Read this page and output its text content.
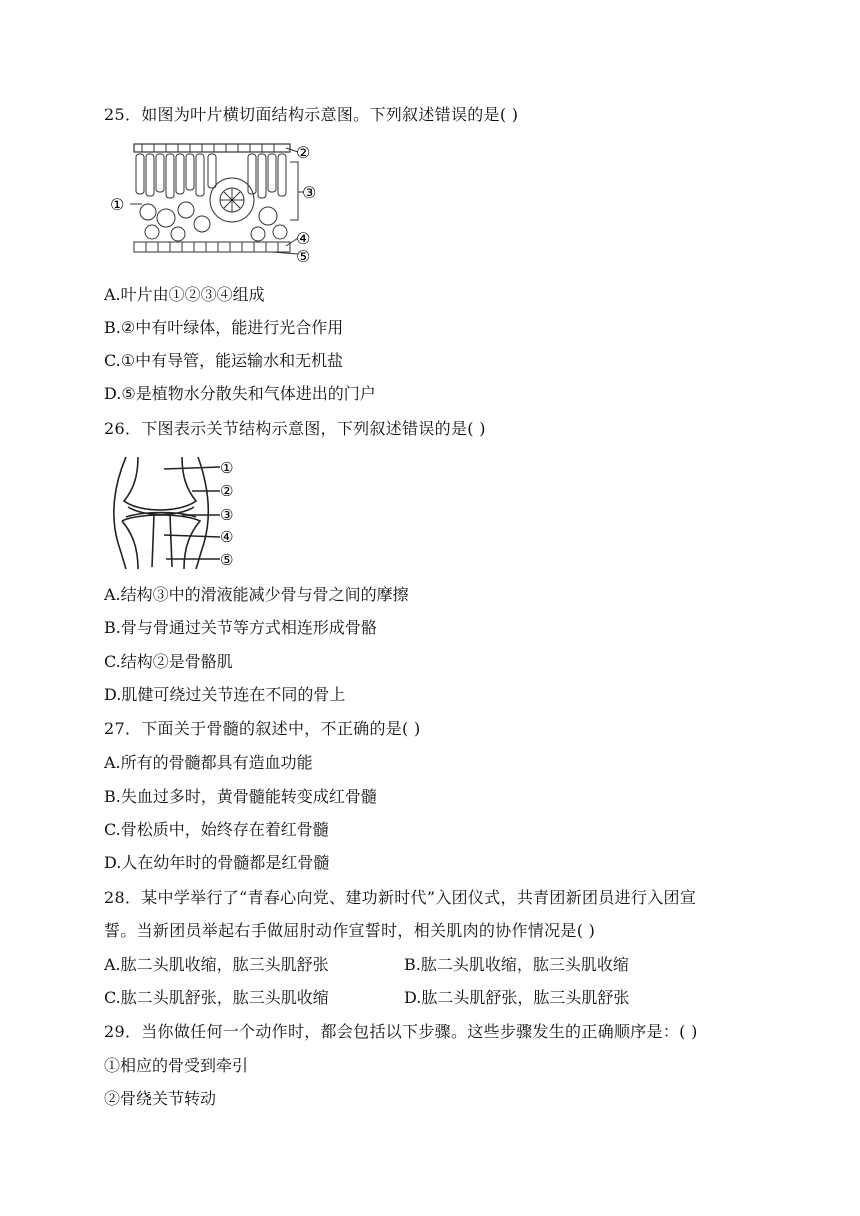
25．如图为叶片横切面结构示意图。下列叙述错误的是( )
①
②
③
④
⑤
A.叶片由①②③④组成
B.②中有叶绿体，能进行光合作用
C.①中有导管，能运输水和无机盐
D.⑤是植物水分散失和气体进出的门户
26．下图表示关节结构示意图，下列叙述错误的是( )
①
②
③
④
⑤
A.结构③中的滑液能减少骨与骨之间的摩擦
B.骨与骨通过关节等方式相连形成骨骼
C.结构②是骨骼肌
D.肌健可绕过关节连在不同的骨上
27．下面关于骨髓的叙述中，不正确的是( )
A.所有的骨髓都具有造血功能
B.失血过多时，黄骨髓能转变成红骨髓
C.骨松质中，始终存在着红骨髓
D.人在幼年时的骨髓都是红骨髓
28．某中学举行了“青春心向党、建功新时代”入团仪式，共青团新团员进行入团宣
誓。当新团员举起右手做屈肘动作宣誓时，相关肌肉的协作情况是( )
A.肱二头肌收缩，肱三头肌舒张	B.肱二头肌收缩，肱三头肌收缩
C.肱二头肌舒张，肱三头肌收缩	D.肱二头肌舒张，肱三头肌舒张
29．当你做任何一个动作时，都会包括以下步骤。这些步骤发生的正确顺序是：( )
①相应的骨受到牵引
②骨绕关节转动
